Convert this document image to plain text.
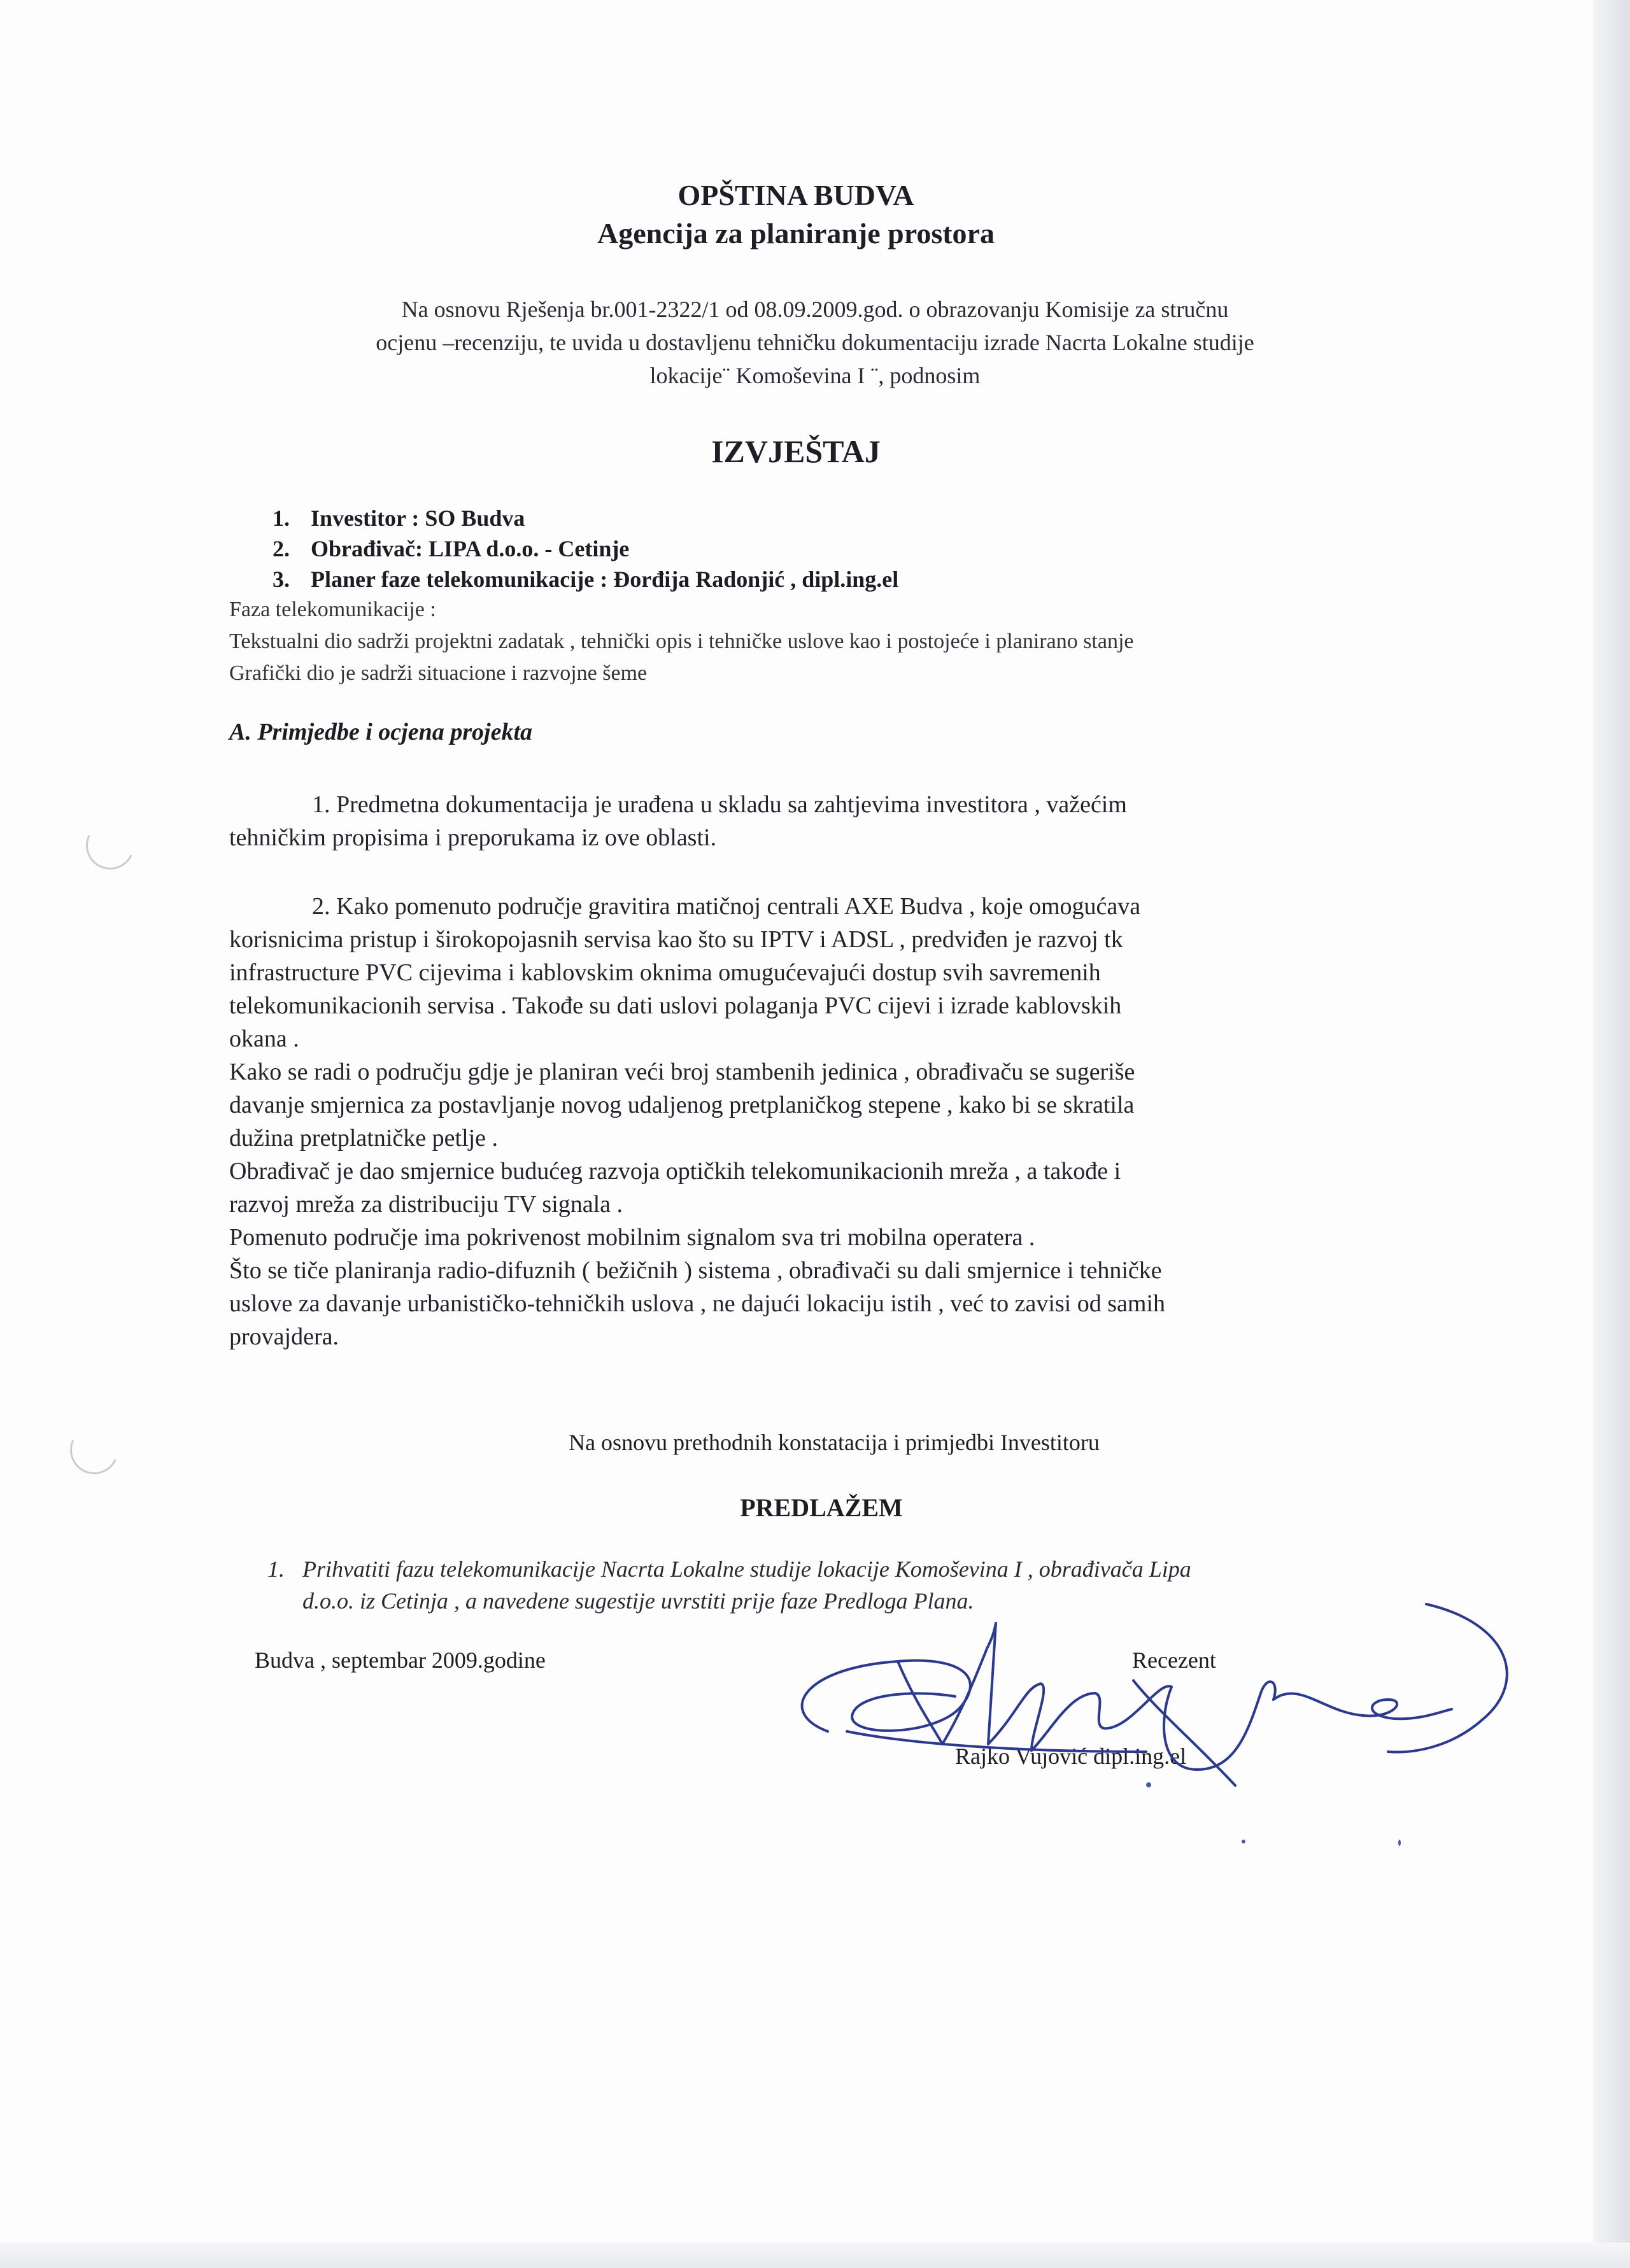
OPŠTINA BUDVA
Agencija za planiranje prostora
Na osnovu Rješenja br.001-2322/1 od 08.09.2009.god. o obrazovanju Komisije za stručnu
ocjenu –recenziju, te uvida u dostavljenu tehničku dokumentaciju izrade Nacrta Lokalne studije
lokacije¨ Komoševina I ¨, podnosim
IZVJEŠTAJ
1. Investitor : SO Budva
2. Obrađivač: LIPA d.o.o. - Cetinje
3. Planer faze telekomunikacije : Đorđija Radonjić , dipl.ing.el
Faza telekomunikacije :
Tekstualni dio sadrži projektni zadatak , tehnički opis i tehničke uslove kao i postojeće i planirano stanje
Grafički dio je sadrži situacione i razvojne šeme
A. Primjedbe i ocjena projekta
1. Predmetna dokumentacija je urađena u skladu sa zahtjevima investitora , važećim
tehničkim propisima i preporukama iz ove oblasti.
2. Kako pomenuto područje gravitira matičnoj centrali AXE Budva , koje omogućava
korisnicima pristup i širokopojasnih servisa kao što su IPTV i ADSL , predviđen je razvoj tk
infrastructure PVC cijevima i kablovskim oknima omugućevajući dostup svih savremenih
telekomunikacionih servisa . Takođe su dati uslovi polaganja PVC cijevi i izrade kablovskih
okana .
Kako se radi o području gdje je planiran veći broj stambenih jedinica , obrađivaču se sugeriše
davanje smjernica za postavljanje novog udaljenog pretplaničkog stepene , kako bi se skratila
dužina pretplatničke petlje .
Obrađivač je dao smjernice budućeg razvoja optičkih telekomunikacionih mreža , a takođe i
razvoj mreža za distribuciju TV signala .
Pomenuto područje ima pokrivenost mobilnim signalom sva tri mobilna operatera .
Što se tiče planiranja radio-difuznih ( bežičnih ) sistema , obrađivači su dali smjernice i tehničke
uslove za davanje urbanističko-tehničkih uslova , ne dajući lokaciju istih , već to zavisi od samih
provajdera.
Na osnovu prethodnih konstatacija i primjedbi Investitoru
PREDLAŽEM
1. Prihvatiti fazu telekomunikacije Nacrta Lokalne studije lokacije Komoševina I , obrađivača Lipa
d.o.o. iz Cetinja , a navedene sugestije uvrstiti prije faze Predloga Plana.
Budva , septembar 2009.godine	Recezent
Rajko Vujović dipl.ing.el
